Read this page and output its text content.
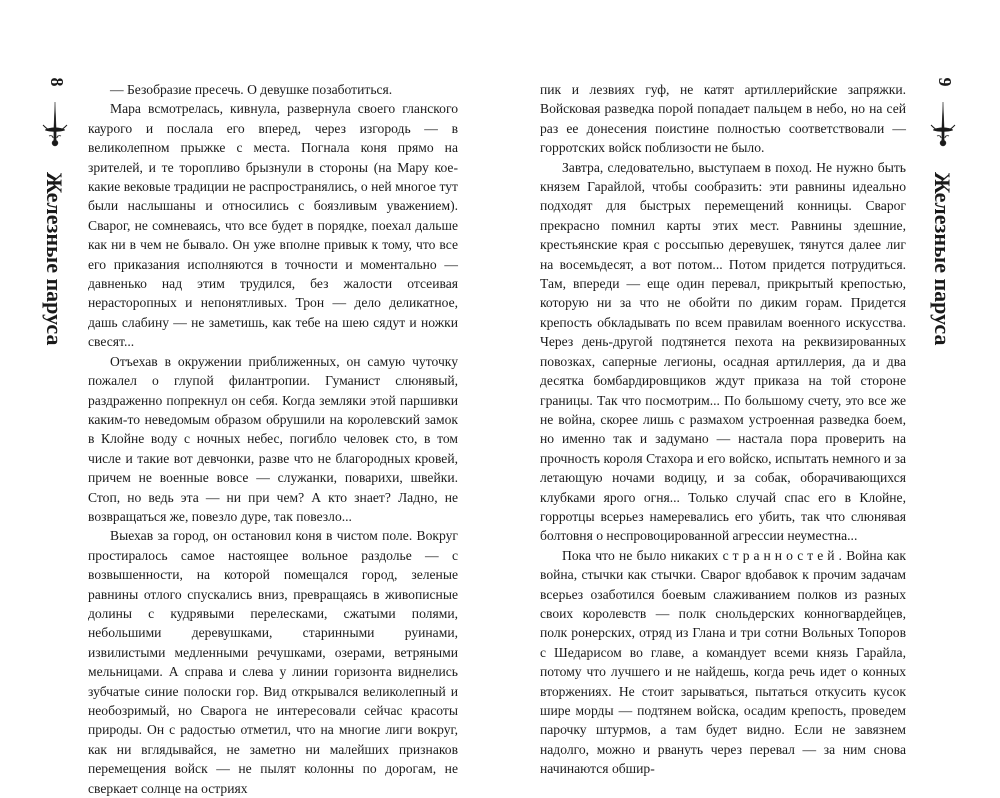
8
Железные паруса

— Безобразие пресечь. О девушке позаботиться.

Мара всмотрелась, кивнула, развернула своего гланского каурого и послала его вперед, через изгородь — в великолепном прыжке с места. Погнала коня прямо на зрителей, и те торопливо брызнули в стороны (на Мару кое-какие вековые традиции не распространялись, о ней многое тут были наслышаны и относились с боязливым уважением). Сварог, не сомневаясь, что все будет в порядке, поехал дальше как ни в чем не бывало. Он уже вполне привык к тому, что все его приказания исполняются в точности и моментально — давненько над этим трудился, без жалости отсеивая нерасторопных и непонятливых. Трон — дело деликатное, дашь слабину — не заметишь, как тебе на шею сядут и ножки свесят...

Отъехав в окружении приближенных, он самую чуточку пожалел о глупой филантропии. Гуманист слюнявый, раздраженно попрекнул он себя. Когда земляки этой паршивки каким-то неведомым образом обрушили на королевский замок в Клойне воду с ночных небес, погибло человек сто, в том числе и такие вот девчонки, разве что не благородных кровей, причем не военные вовсе — служанки, поварихи, швейки. Стоп, но ведь эта — ни при чем? А кто знает? Ладно, не возвращаться же, повезло дуре, так повезло...

Выехав за город, он остановил коня в чистом поле. Вокруг простиралось самое настоящее вольное раздолье — с возвышенности, на которой помещался город, зеленые равнины отлого спускались вниз, превращаясь в живописные долины с кудрявыми перелесками, сжатыми полями, небольшими деревушками, старинными руинами, извилистыми медленными речушками, озерами, ветряными мельницами. А справа и слева у линии горизонта виднелись зубчатые синие полоски гор. Вид открывался великолепный и необозримый, но Сварога не интересовали сейчас красоты природы. Он с радостью отметил, что на многие лиги вокруг, как ни вглядывайся, не заметно ни малейших признаков перемещения войск — не пылят колонны по дорогам, не сверкает солнце на остриях

пик и лезвиях гуф, не катят артиллерийские запряжки. Войсковая разведка порой попадает пальцем в небо, но на сей раз ее донесения поистине полностью соответствовали — горротских войск поблизости не было.

Завтра, следовательно, выступаем в поход. Не нужно быть князем Гарайлой, чтобы сообразить: эти равнины идеально подходят для быстрых перемещений конницы. Сварог прекрасно помнил карты этих мест. Равнины здешние, крестьянские края с россыпью деревушек, тянутся далее лиг на восемьдесят, а вот потом... Потом придется потрудиться. Там, впереди — еще один перевал, прикрытый крепостью, которую ни за что не обойти по диким горам. Придется крепость обкладывать по всем правилам военного искусства. Через день-другой подтянется пехота на реквизированных повозках, саперные легионы, осадная артиллерия, да и два десятка бомбардировщиков ждут приказа на той стороне границы. Так что посмотрим... По большому счету, это все же не война, скорее лишь с размахом устроенная разведка боем, но именно так и задумано — настала пора проверить на прочность короля Стахора и его войско, испытать немного и за летающую ночами водицу, и за собак, оборачивающихся клубками ярого огня... Только случай спас его в Клойне, горротцы всерьез намеревались его убить, так что слюнявая болтовня о неспровоцированной агрессии неуместна...

Пока что не было никаких странностей. Война как война, стычки как стычки. Сварог вдобавок к прочим задачам всерьез озаботился боевым слаживанием полков из разных своих королевств — полк снольдерских конногвардейцев, полк ронерских, отряд из Глана и три сотни Вольных Топоров с Шедарисом во главе, а командует всеми князь Гарайла, потому что лучшего и не найдешь, когда речь идет о конных вторжениях. Не стоит зарываться, пытаться откусить кусок шире морды — подтянем войска, осадим крепость, проведем парочку штурмов, а там будет видно. Если не завязнем надолго, можно и рвануть через перевал — за ним снова начинаются обшир-

9
Железные паруса
